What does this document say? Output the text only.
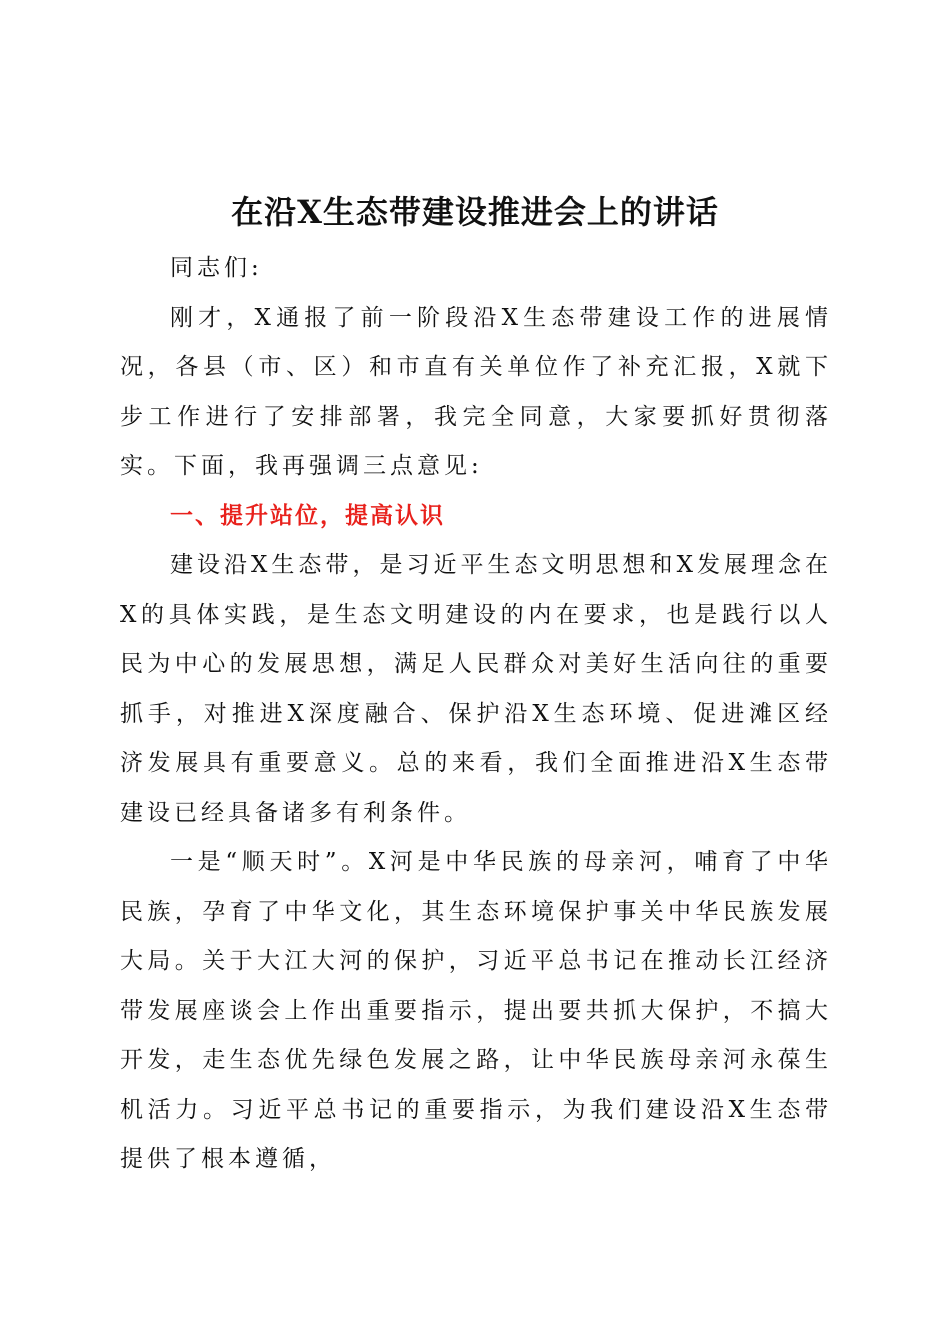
在沿X生态带建设推进会上的讲话

同志们:

刚才，X通报了前一阶段沿X生态带建设工作的进展情况，各县（市、区）和市直有关单位作了补充汇报，X就下步工作进行了安排部署，我完全同意，大家要抓好贯彻落实。下面，我再强调三点意见:

一、提升站位，提高认识

建设沿X生态带，是习近平生态文明思想和X发展理念在X的具体实践，是生态文明建设的内在要求，也是践行以人民为中心的发展思想，满足人民群众对美好生活向往的重要抓手，对推进X深度融合、保护沿X生态环境、促进滩区经济发展具有重要意义。总的来看，我们全面推进沿X生态带建设已经具备诸多有利条件。

一是“顺天时”。X河是中华民族的母亲河，哺育了中华民族，孕育了中华文化，其生态环境保护事关中华民族发展大局。关于大江大河的保护，习近平总书记在推动长江经济带发展座谈会上作出重要指示，提出要共抓大保护，不搞大开发，走生态优先绿色发展之路，让中华民族母亲河永葆生机活力。习近平总书记的重要指示，为我们建设沿X生态带提供了根本遵循，
